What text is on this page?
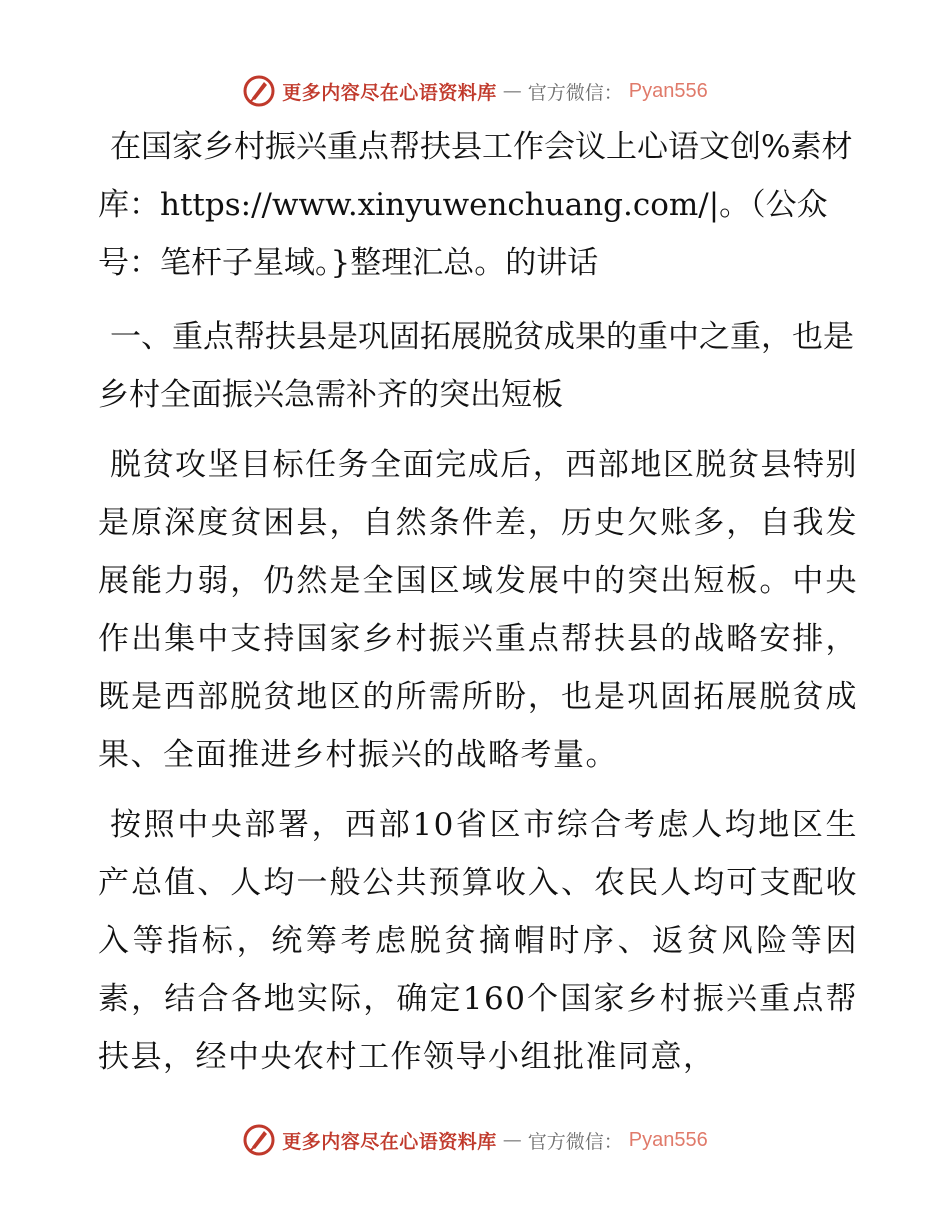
更多内容尽在心语资料库 — 官方微信： Pyan556

在国家乡村振兴重点帮扶县工作会议上心语文创%素材库：https://www.xinyuwenchuang.com/|。（公众号：笔杆子星域。}整理汇总。的讲话

一、重点帮扶县是巩固拓展脱贫成果的重中之重，也是乡村全面振兴急需补齐的突出短板

脱贫攻坚目标任务全面完成后，西部地区脱贫县特别是原深度贫困县，自然条件差，历史欠账多，自我发展能力弱，仍然是全国区域发展中的突出短板。中央作出集中支持国家乡村振兴重点帮扶县的战略安排，既是西部脱贫地区的所需所盼，也是巩固拓展脱贫成果、全面推进乡村振兴的战略考量。

按照中央部署，西部10省区市综合考虑人均地区生产总值、人均一般公共预算收入、农民人均可支配收入等指标，统筹考虑脱贫摘帽时序、返贫风险等因素，结合各地实际，确定160个国家乡村振兴重点帮扶县，经中央农村工作领导小组批准同意，

更多内容尽在心语资料库 — 官方微信： Pyan556
